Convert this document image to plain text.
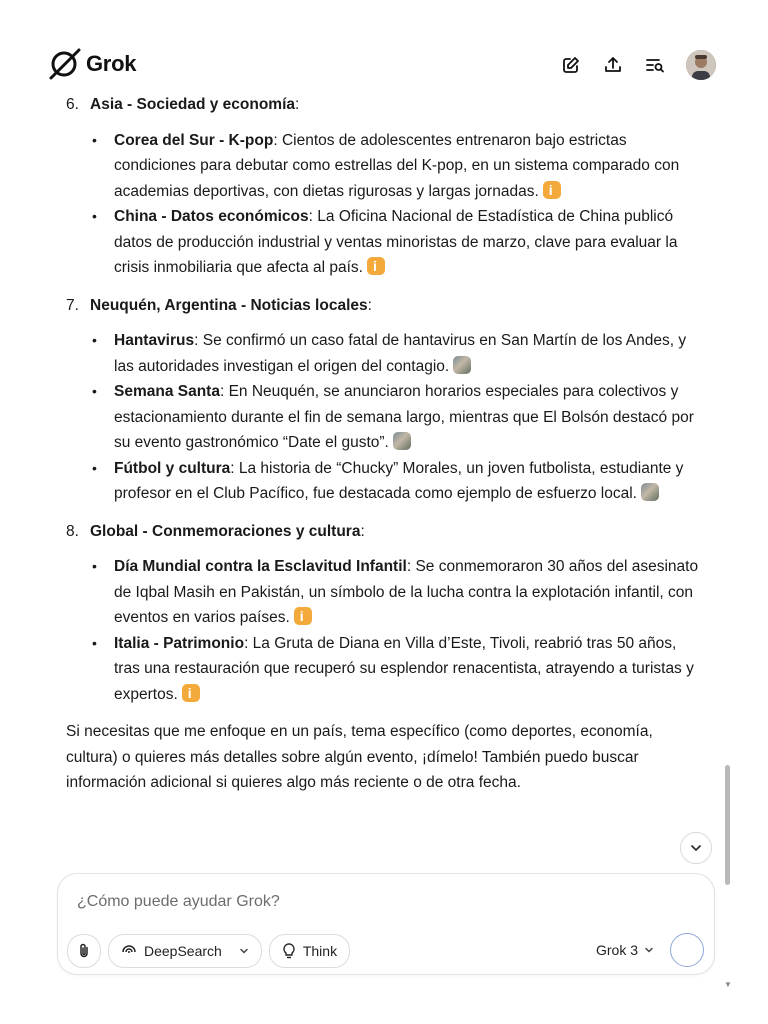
Grok
6. Asia - Sociedad y economía :
• Corea del Sur - K-pop: Cientos de adolescentes entrenaron bajo estrictas condiciones para debutar como estrellas del K-pop, en un sistema comparado con academias deportivas, con dietas rigurosas y largas jornadas.i
• China - Datos económicos: La Oficina Nacional de Estadística de China publicó datos de producción industrial y ventas minoristas de marzo, clave para evaluar la crisis inmobiliaria que afecta al país.i
7. Neuquén, Argentina - Noticias locales :
• Hantavirus: Se confirmó un caso fatal de hantavirus en San Martín de los Andes, y las autoridades investigan el origen del contagio.
• Semana Santa: En Neuquén, se anunciaron horarios especiales para colectivos y estacionamiento durante el fin de semana largo, mientras que El Bolsón destacó por su evento gastronómico “Date el gusto”.
• Fútbol y cultura: La historia de “Chucky” Morales, un joven futbolista, estudiante y profesor en el Club Pacífico, fue destacada como ejemplo de esfuerzo local.
8. Global - Conmemoraciones y cultura :
• Día Mundial contra la Esclavitud Infantil: Se conmemoraron 30 años del asesinato de Iqbal Masih en Pakistán, un símbolo de la lucha contra la explotación infantil, con eventos en varios países.i
• Italia - Patrimonio: La Gruta de Diana en Villa d’Este, Tivoli, reabrió tras 50 años, tras una restauración que recuperó su esplendor renacentista, atrayendo a turistas y expertos.i

Si necesitas que me enfoque en un país, tema específico (como deportes, economía, cultura) o quieres más detalles sobre algún evento, ¡dímelo! También puedo buscar información adicional si quieres algo más reciente o de otra fecha.

▼
¿Cómo puede ayudar Grok?
DeepSearch	Think	Grok 3
